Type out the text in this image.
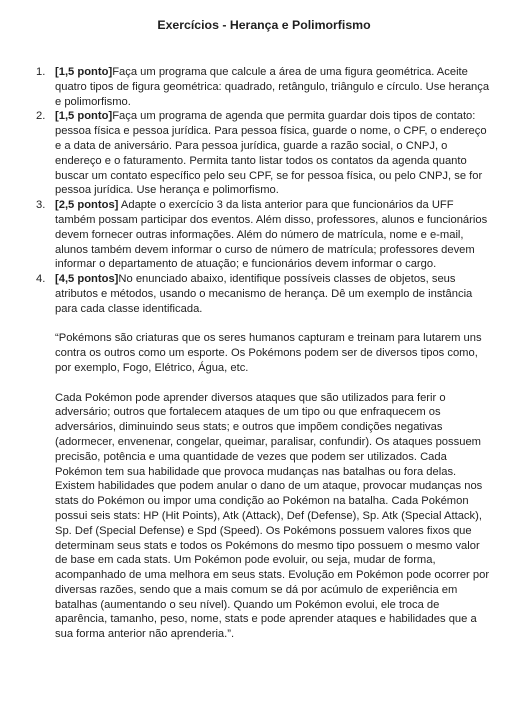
Exercícios - Herança e Polimorfismo
1. [1,5 ponto]Faça um programa que calcule a área de uma figura geométrica. Aceite quatro tipos de figura geométrica: quadrado, retângulo, triângulo e círculo. Use herança e polimorfismo.
2. [1,5 ponto]Faça um programa de agenda que permita guardar dois tipos de contato: pessoa física e pessoa jurídica. Para pessoa física, guarde o nome, o CPF, o endereço e a data de aniversário. Para pessoa jurídica, guarde a razão social, o CNPJ, o endereço e o faturamento. Permita tanto listar todos os contatos da agenda quanto buscar um contato específico pelo seu CPF, se for pessoa física, ou pelo CNPJ, se for pessoa jurídica. Use herança e polimorfismo.
3. [2,5 pontos] Adapte o exercício 3 da lista anterior para que funcionários da UFF também possam participar dos eventos. Além disso, professores, alunos e funcionários devem fornecer outras informações. Além do número de matrícula, nome e e-mail, alunos também devem informar o curso de número de matrícula; professores devem informar o departamento de atuação; e funcionários devem informar o cargo.
4. [4,5 pontos]No enunciado abaixo, identifique possíveis classes de objetos, seus atributos e métodos, usando o mecanismo de herança. Dê um exemplo de instância para cada classe identificada.

“Pokémons são criaturas que os seres humanos capturam e treinam para lutarem uns contra os outros como um esporte. Os Pokémons podem ser de diversos tipos como, por exemplo, Fogo, Elétrico, Água, etc.

Cada Pokémon pode aprender diversos ataques que são utilizados para ferir o adversário; outros que fortalecem ataques de um tipo ou que enfraquecem os adversários, diminuindo seus stats; e outros que impõem condições negativas (adormecer, envenenar, congelar, queimar, paralisar, confundir). Os ataques possuem precisão, potência e uma quantidade de vezes que podem ser utilizados. Cada Pokémon tem sua habilidade que provoca mudanças nas batalhas ou fora delas. Existem habilidades que podem anular o dano de um ataque, provocar mudanças nos stats do Pokémon ou impor uma condição ao Pokémon na batalha. Cada Pokémon possui seis stats: HP (Hit Points), Atk (Attack), Def (Defense), Sp. Atk (Special Attack), Sp. Def (Special Defense) e Spd (Speed). Os Pokémons possuem valores fixos que determinam seus stats e todos os Pokémons do mesmo tipo possuem o mesmo valor de base em cada stats. Um Pokémon pode evoluir, ou seja, mudar de forma, acompanhado de uma melhora em seus stats. Evolução em Pokémon pode ocorrer por diversas razões, sendo que a mais comum se dá por acúmulo de experiência em batalhas (aumentando o seu nível). Quando um Pokémon evolui, ele troca de aparência, tamanho, peso, nome, stats e pode aprender ataques e habilidades que a sua forma anterior não aprenderia.”.
